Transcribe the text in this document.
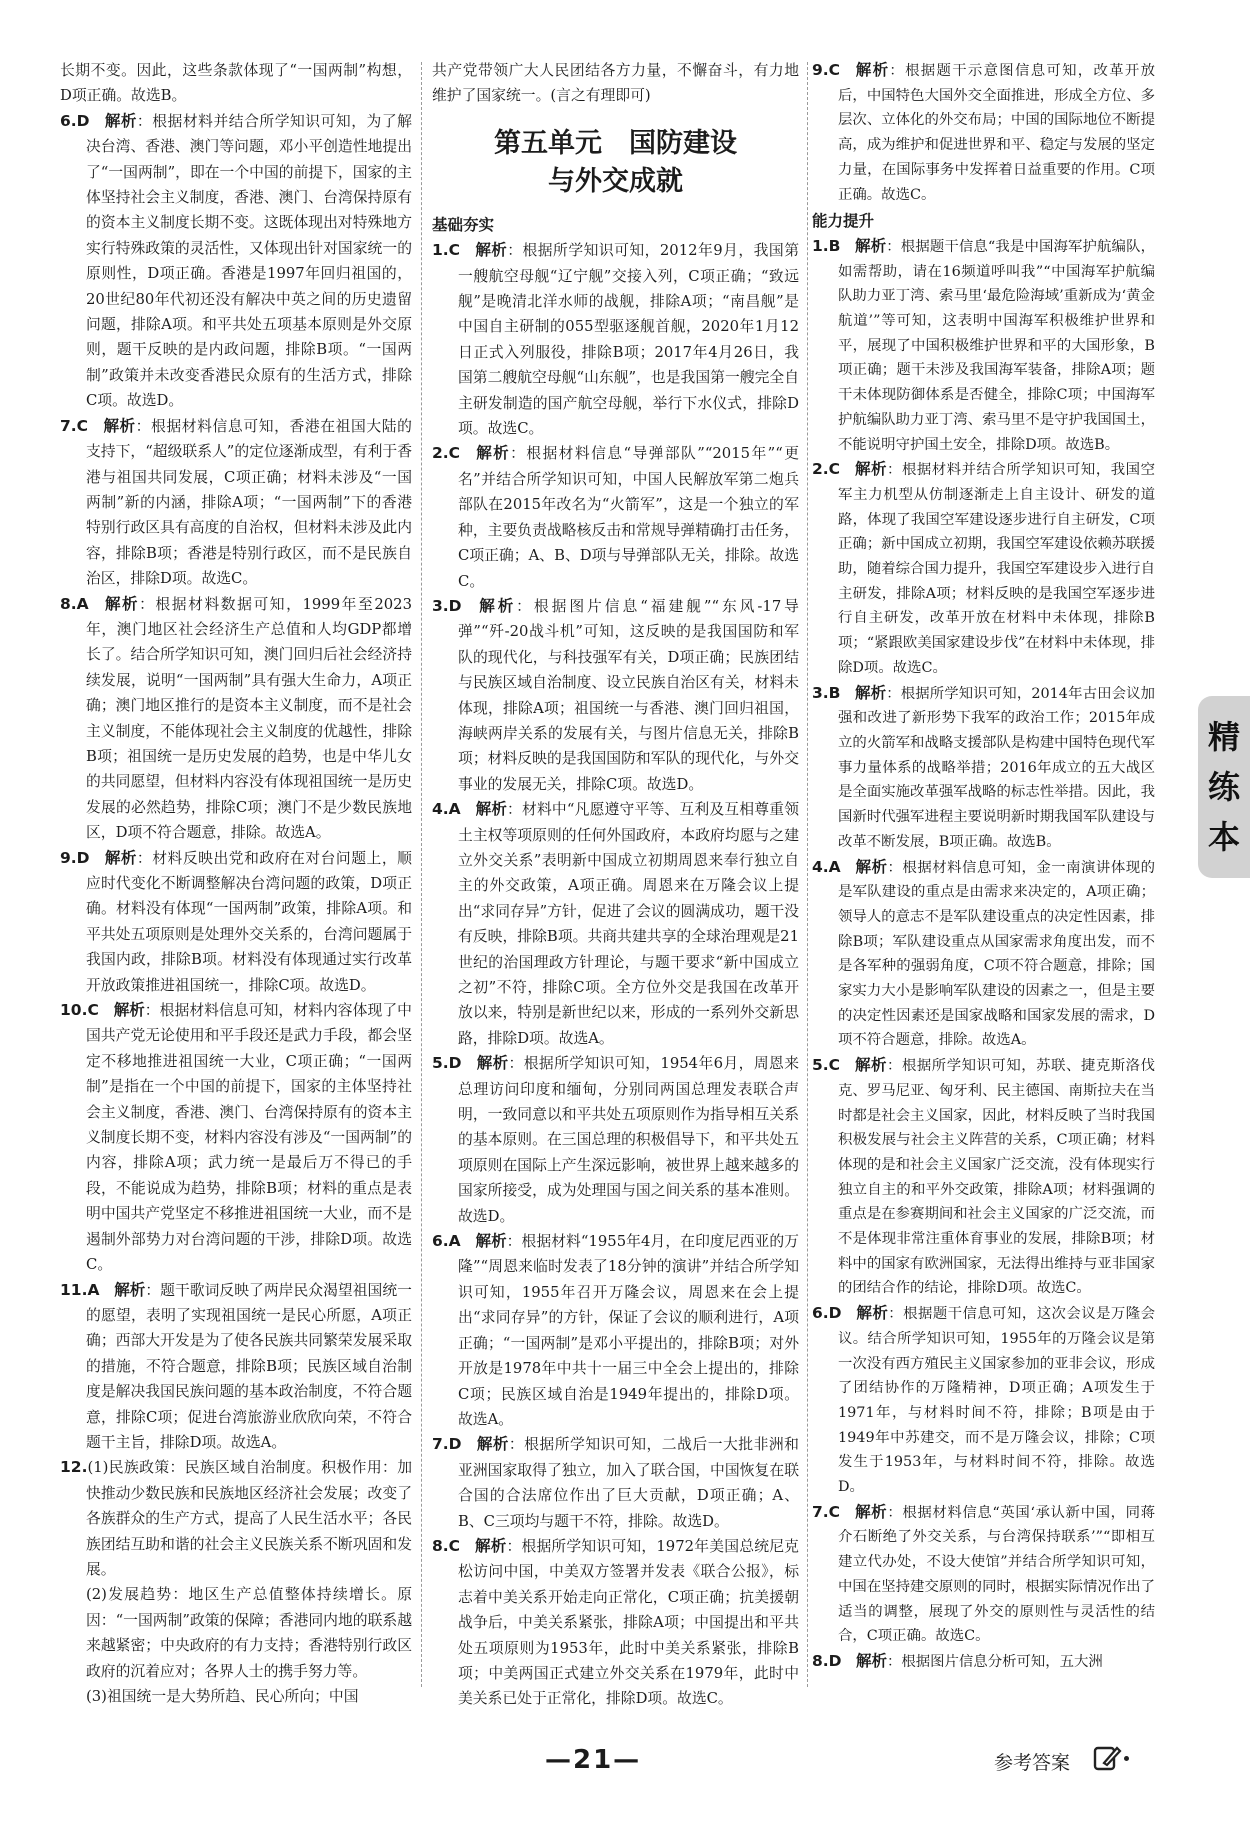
长期不变。因此，这些条款体现了“一国两制”构想，D项正确。故选B。

6.D  解析：根据材料并结合所学知识可知，为了解决台湾、香港、澳门等问题，邓小平创造性地提出了“一国两制”，即在一个中国的前提下，国家的主体坚持社会主义制度，香港、澳门、台湾保持原有的资本主义制度长期不变。这既体现出对特殊地方实行特殊政策的灵活性，又体现出针对国家统一的原则性，D项正确。香港是1997年回归祖国的，20世纪80年代初还没有解决中英之间的历史遗留问题，排除A项。和平共处五项基本原则是外交原则，题干反映的是内政问题，排除B项。“一国两制”政策并未改变香港民众原有的生活方式，排除C项。故选D。

7.C  解析：根据材料信息可知，香港在祖国大陆的支持下，“超级联系人”的定位逐渐成型，有利于香港与祖国共同发展，C项正确；材料未涉及“一国两制”新的内涵，排除A项；“一国两制”下的香港特别行政区具有高度的自治权，但材料未涉及此内容，排除B项；香港是特别行政区，而不是民族自治区，排除D项。故选C。

8.A  解析：根据材料数据可知，1999年至2023年，澳门地区社会经济生产总值和人均GDP都增长了。结合所学知识可知，澳门回归后社会经济持续发展，说明“一国两制”具有强大生命力，A项正确；澳门地区推行的是资本主义制度，而不是社会主义制度，不能体现社会主义制度的优越性，排除B项；祖国统一是历史发展的趋势，也是中华儿女的共同愿望，但材料内容没有体现祖国统一是历史发展的必然趋势，排除C项；澳门不是少数民族地区，D项不符合题意，排除。故选A。

9.D  解析：材料反映出党和政府在对台问题上，顺应时代变化不断调整解决台湾问题的政策，D项正确。材料没有体现“一国两制”政策，排除A项。和平共处五项原则是处理外交关系的，台湾问题属于我国内政，排除B项。材料没有体现通过实行改革开放政策推进祖国统一，排除C项。故选D。

10.C  解析：根据材料信息可知，材料内容体现了中国共产党无论使用和平手段还是武力手段，都会坚定不移地推进祖国统一大业，C项正确；“一国两制”是指在一个中国的前提下，国家的主体坚持社会主义制度，香港、澳门、台湾保持原有的资本主义制度长期不变，材料内容没有涉及“一国两制”的内容，排除A项；武力统一是最后万不得已的手段，不能说成为趋势，排除B项；材料的重点是表明中国共产党坚定不移推进祖国统一大业，而不是遏制外部势力对台湾问题的干涉，排除D项。故选C。

11.A  解析：题干歌词反映了两岸民众渴望祖国统一的愿望，表明了实现祖国统一是民心所愿，A项正确；西部大开发是为了使各民族共同繁荣发展采取的措施，不符合题意，排除B项；民族区域自治制度是解决我国民族问题的基本政治制度，不符合题意，排除C项；促进台湾旅游业欣欣向荣，不符合题干主旨，排除D项。故选A。

12.(1)民族政策：民族区域自治制度。积极作用：加快推动少数民族和民族地区经济社会发展；改变了各族群众的生产方式，提高了人民生活水平；各民族团结互助和谐的社会主义民族关系不断巩固和发展。

(2)发展趋势：地区生产总值整体持续增长。原因：“一国两制”政策的保障；香港同内地的联系越来越紧密；中央政府的有力支持；香港特别行政区政府的沉着应对；各界人士的携手努力等。

(3)祖国统一是大势所趋、民心所向；中国

共产党带领广大人民团结各方力量，不懈奋斗，有力地维护了国家统一。(言之有理即可)

第五单元　国防建设
与外交成就
基础夯实

1.C  解析：根据所学知识可知，2012年9月，我国第一艘航空母舰“辽宁舰”交接入列，C项正确；“致远舰”是晚清北洋水师的战舰，排除A项；“南昌舰”是中国自主研制的055型驱逐舰首舰，2020年1月12日正式入列服役，排除B项；2017年4月26日，我国第二艘航空母舰“山东舰”，也是我国第一艘完全自主研发制造的国产航空母舰，举行下水仪式，排除D项。故选C。

2.C  解析：根据材料信息“导弹部队”“2015年”“更名”并结合所学知识可知，中国人民解放军第二炮兵部队在2015年改名为“火箭军”，这是一个独立的军种，主要负责战略核反击和常规导弹精确打击任务，C项正确；A、B、D项与导弹部队无关，排除。故选C。

3.D  解析：根据图片信息“福建舰”“东风-17导弹”“歼-20战斗机”可知，这反映的是我国国防和军队的现代化，与科技强军有关，D项正确；民族团结与民族区域自治制度、设立民族自治区有关，材料未体现，排除A项；祖国统一与香港、澳门回归祖国，海峡两岸关系的发展有关，与图片信息无关，排除B项；材料反映的是我国国防和军队的现代化，与外交事业的发展无关，排除C项。故选D。

4.A  解析：材料中“凡愿遵守平等、互利及互相尊重领土主权等项原则的任何外国政府，本政府均愿与之建立外交关系”表明新中国成立初期周恩来奉行独立自主的外交政策，A项正确。周恩来在万隆会议上提出“求同存异”方针，促进了会议的圆满成功，题干没有反映，排除B项。共商共建共享的全球治理观是21世纪的治国理政方针理论，与题干要求“新中国成立之初”不符，排除C项。全方位外交是我国在改革开放以来，特别是新世纪以来，形成的一系列外交新思路，排除D项。故选A。

5.D  解析：根据所学知识可知，1954年6月，周恩来总理访问印度和缅甸，分别同两国总理发表联合声明，一致同意以和平共处五项原则作为指导相互关系的基本原则。在三国总理的积极倡导下，和平共处五项原则在国际上产生深远影响，被世界上越来越多的国家所接受，成为处理国与国之间关系的基本准则。故选D。

6.A  解析：根据材料“1955年4月，在印度尼西亚的万隆”“周恩来临时发表了18分钟的演讲”并结合所学知识可知，1955年召开万隆会议，周恩来在会上提出“求同存异”的方针，保证了会议的顺利进行，A项正确；“一国两制”是邓小平提出的，排除B项；对外开放是1978年中共十一届三中全会上提出的，排除C项；民族区域自治是1949年提出的，排除D项。故选A。

7.D  解析：根据所学知识可知，二战后一大批非洲和亚洲国家取得了独立，加入了联合国，中国恢复在联合国的合法席位作出了巨大贡献，D项正确；A、B、C三项均与题干不符，排除。故选D。

8.C  解析：根据所学知识可知，1972年美国总统尼克松访问中国，中美双方签署并发表《联合公报》，标志着中美关系开始走向正常化，C项正确；抗美援朝战争后，中美关系紧张，排除A项；中国提出和平共处五项原则为1953年，此时中美关系紧张，排除B项；中美两国正式建立外交关系在1979年，此时中美关系已处于正常化，排除D项。故选C。

9.C  解析：根据题干示意图信息可知，改革开放后，中国特色大国外交全面推进，形成全方位、多层次、立体化的外交布局；中国的国际地位不断提高，成为维护和促进世界和平、稳定与发展的坚定力量，在国际事务中发挥着日益重要的作用。C项正确。故选C。

能力提升

1.B  解析：根据题干信息“我是中国海军护航编队，如需帮助，请在16频道呼叫我”“中国海军护航编队助力亚丁湾、索马里‘最危险海域’重新成为‘黄金航道’”等可知，这表明中国海军积极维护世界和平，展现了中国积极维护世界和平的大国形象，B项正确；题干未涉及我国海军装备，排除A项；题干未体现防御体系是否健全，排除C项；中国海军护航编队助力亚丁湾、索马里不是守护我国国土，不能说明守护国土安全，排除D项。故选B。

2.C  解析：根据材料并结合所学知识可知，我国空军主力机型从仿制逐渐走上自主设计、研发的道路，体现了我国空军建设逐步进行自主研发，C项正确；新中国成立初期，我国空军建设依赖苏联援助，随着综合国力提升，我国空军建设步入进行自主研发，排除A项；材料反映的是我国空军逐步进行自主研发，改革开放在材料中未体现，排除B项；“紧跟欧美国家建设步伐”在材料中未体现，排除D项。故选C。

3.B  解析：根据所学知识可知，2014年古田会议加强和改进了新形势下我军的政治工作；2015年成立的火箭军和战略支援部队是构建中国特色现代军事力量体系的战略举措；2016年成立的五大战区是全面实施改革强军战略的标志性举措。因此，我国新时代强军进程主要说明新时期我国军队建设与改革不断发展，B项正确。故选B。

4.A  解析：根据材料信息可知，金一南演讲体现的是军队建设的重点是由需求来决定的，A项正确；领导人的意志不是军队建设重点的决定性因素，排除B项；军队建设重点从国家需求角度出发，而不是各军种的强弱角度，C项不符合题意，排除；国家实力大小是影响军队建设的因素之一，但是主要的决定性因素还是国家战略和国家发展的需求，D项不符合题意，排除。故选A。

5.C  解析：根据所学知识可知，苏联、捷克斯洛伐克、罗马尼亚、匈牙利、民主德国、南斯拉夫在当时都是社会主义国家，因此，材料反映了当时我国积极发展与社会主义阵营的关系，C项正确；材料体现的是和社会主义国家广泛交流，没有体现实行独立自主的和平外交政策，排除A项；材料强调的重点是在参赛期间和社会主义国家的广泛交流，而不是体现非常注重体育事业的发展，排除B项；材料中的国家有欧洲国家，无法得出维持与亚非国家的团结合作的结论，排除D项。故选C。

6.D  解析：根据题干信息可知，这次会议是万隆会议。结合所学知识可知，1955年的万隆会议是第一次没有西方殖民主义国家参加的亚非会议，形成了团结协作的万隆精神，D项正确；A项发生于1971年，与材料时间不符，排除；B项是由于1949年中苏建交，而不是万隆会议，排除；C项发生于1953年，与材料时间不符，排除。故选D。

7.C  解析：根据材料信息“英国‘承认新中国，同蒋介石断绝了外交关系，与台湾保持联系’”“即相互建立代办处，不设大使馆”并结合所学知识可知，中国在坚持建交原则的同时，根据实际情况作出了适当的调整，展现了外交的原则性与灵活性的结合，C项正确。故选C。

8.D  解析：根据图片信息分析可知，五大洲

精
练
本
—21—	参考答案
